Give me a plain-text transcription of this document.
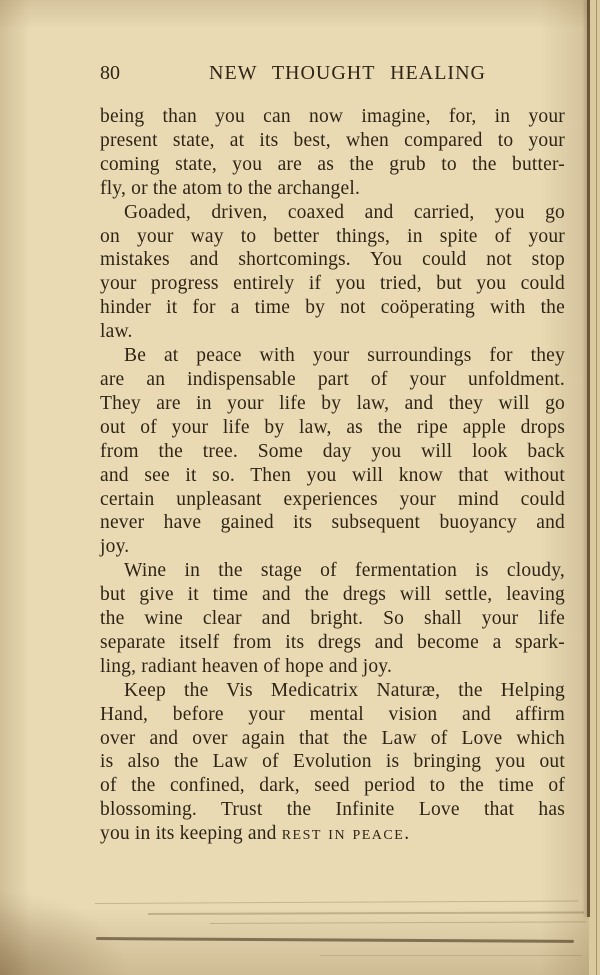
80	NEW THOUGHT HEALING
being than you can now imagine, for, in your
present state, at its best, when compared to your
coming state, you are as the grub to the butter-
fly, or the atom to the archangel.
Goaded, driven, coaxed and carried, you go
on your way to better things, in spite of your
mistakes and shortcomings. You could not stop
your progress entirely if you tried, but you could
hinder it for a time by not coöperating with the
law.
Be at peace with your surroundings for they
are an indispensable part of your unfoldment.
They are in your life by law, and they will go
out of your life by law, as the ripe apple drops
from the tree. Some day you will look back
and see it so. Then you will know that without
certain unpleasant experiences your mind could
never have gained its subsequent buoyancy and
joy.
Wine in the stage of fermentation is cloudy,
but give it time and the dregs will settle, leaving
the wine clear and bright. So shall your life
separate itself from its dregs and become a spark-
ling, radiant heaven of hope and joy.
Keep the Vis Medicatrix Naturæ, the Helping
Hand, before your mental vision and affirm
over and over again that the Law of Love which
is also the Law of Evolution is bringing you out
of the confined, dark, seed period to the time of
blossoming. Trust the Infinite Love that has
you in its keeping and rest in peace.
